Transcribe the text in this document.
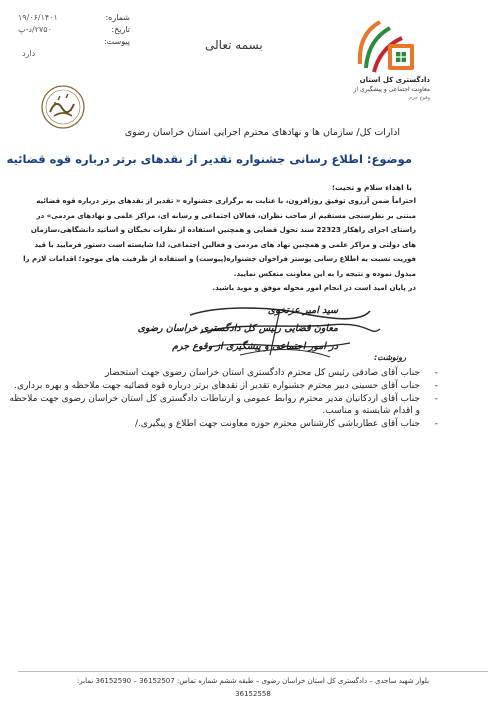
شماره:
۱۹/۰۶/۱۴۰۱
تاریخ:
۲۷۵۰/د-پ
پیوست:
دارد
بسمه تعالی
دادگستری کل استان
معاونت اجتماعی و پیشگیری از
وقوع جرم
ادارات کل/ سازمان ها و نهادهای محترم اجرایی استان خراسان رضوی
موضوع: اطلاع رسانی جشنواره تقدیر از نقدهای برتر درباره قوه قضائیه
با اهداء سلام و تحیت؛
احتراماً ضمن آرزوی توفیق روزافزون، با عنایت به برگزاری جشنواره « تقدیر از نقدهای برتر درباره قوه قضائیه مبتنی بر نظرسنجی مستقیم از صاحب نظران، فعالان اجتماعی و رسانه ای، مراکز علمی و نهادهای مردمی» در راستای اجرای راهکار 22323 سند تحول قضایی و همچنین استفاده از نظرات نخبگان و اساتید دانشگاهی،سازمان های دولتی و مراکز علمی و همچنین نهاد های مردمی و فعالین اجتماعی، لذا شایسته است دستور فرمایید با قید فوریت نسبت به اطلاع رسانی پوستر فراخوان جشنواره(پیوست) و استفاده از ظرفیت های موجود؛ اقدامات لازم را مبذول نموده و نتیجه را به این معاونت منعکس نمایید.
در پایان امید است در انجام امور محوله موفق و موید باشید.
سید امیر عزتخوی
معاون قضایی رئیس کل دادگستری خراسان رضوی
در امور اجتماعی و پیشگیری از وقوع جرم
رونوشت:
-
جناب آقای صادقی رئیس کل محترم دادگستری استان خراسان رضوی جهت استحضار
-
جناب آقای حسینی دبیر محترم جشنواره تقدیر از نقدهای برتر درباره قوه قضائیه جهت ملاحظه و بهره برداری.
-
جناب آقای اردکانیان مدیر محترم روابط عمومی و ارتباطات دادگستری کل استان خراسان رضوی جهت ملاحظه و اقدام شایسته و مناسب.
-
جناب آقای عطارباشی کارشناس محترم حوزه معاونت جهت اطلاع و پیگیری./
بلوار شهید ساجدی – دادگستری کل استان خراسان رضوی – طبقه ششم شماره تماس: 36152507 – 36152590 نمابر:
36152558
